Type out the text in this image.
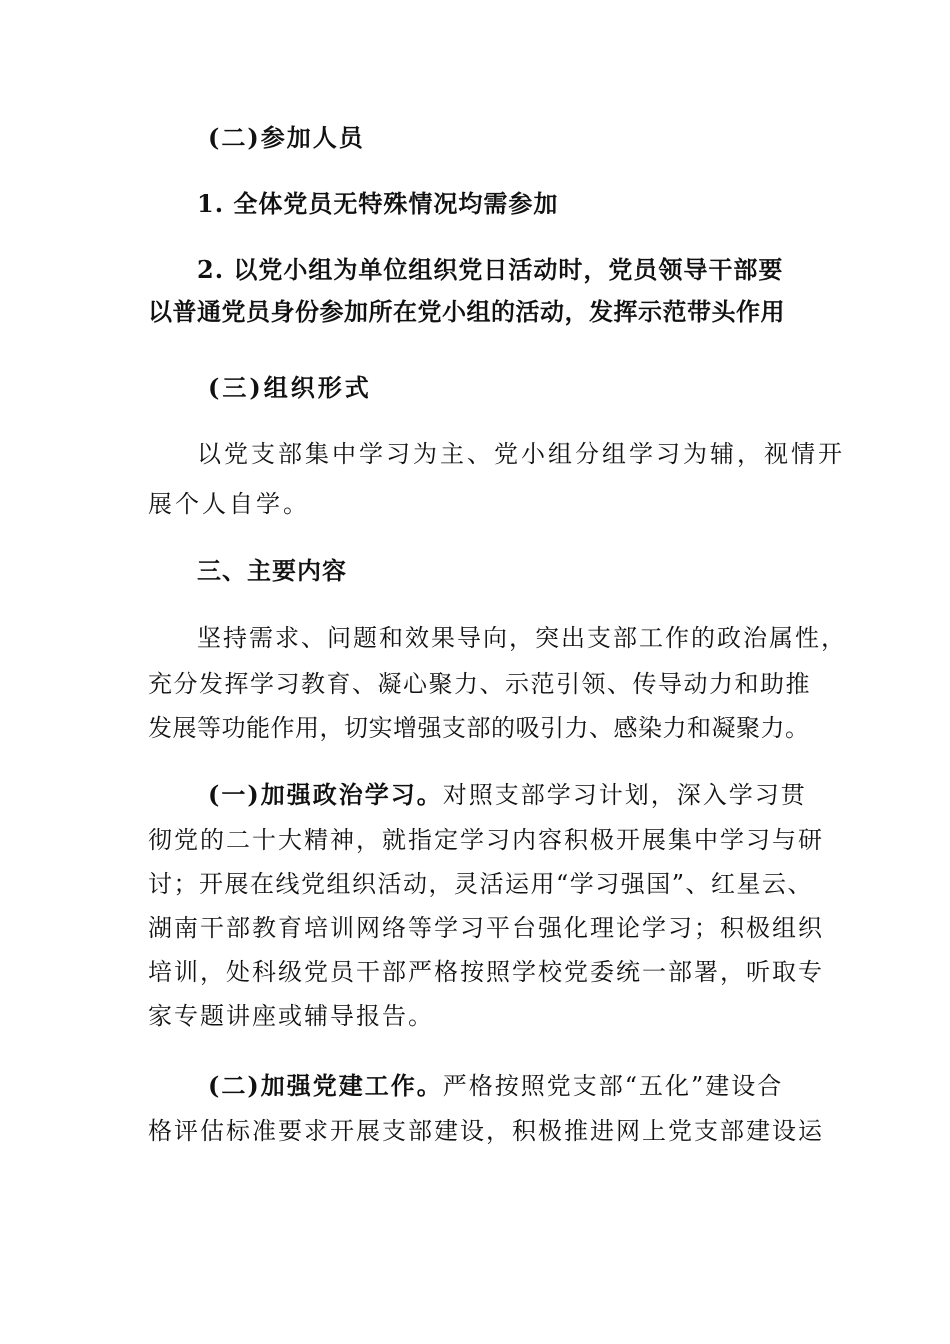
(二)参加人员
1. 全体党员无特殊情况均需参加
2. 以党小组为单位组织党日活动时，党员领导干部要
以普通党员身份参加所在党小组的活动，发挥示范带头作用
(三)组织形式
以党支部集中学习为主、党小组分组学习为辅，视情开
展个人自学。
三、主要内容
坚持需求、问题和效果导向，突出支部工作的政治属性，
充分发挥学习教育、凝心聚力、示范引领、传导动力和助推
发展等功能作用，切实增强支部的吸引力、感染力和凝聚力。
(一)加强政治学习。对照支部学习计划，深入学习贯
彻党的二十大精神，就指定学习内容积极开展集中学习与研
讨；开展在线党组织活动，灵活运用“学习强国”、红星云、
湖南干部教育培训网络等学习平台强化理论学习；积极组织
培训，处科级党员干部严格按照学校党委统一部署，听取专
家专题讲座或辅导报告。
(二)加强党建工作。严格按照党支部“五化”建设合
格评估标准要求开展支部建设，积极推进网上党支部建设运
